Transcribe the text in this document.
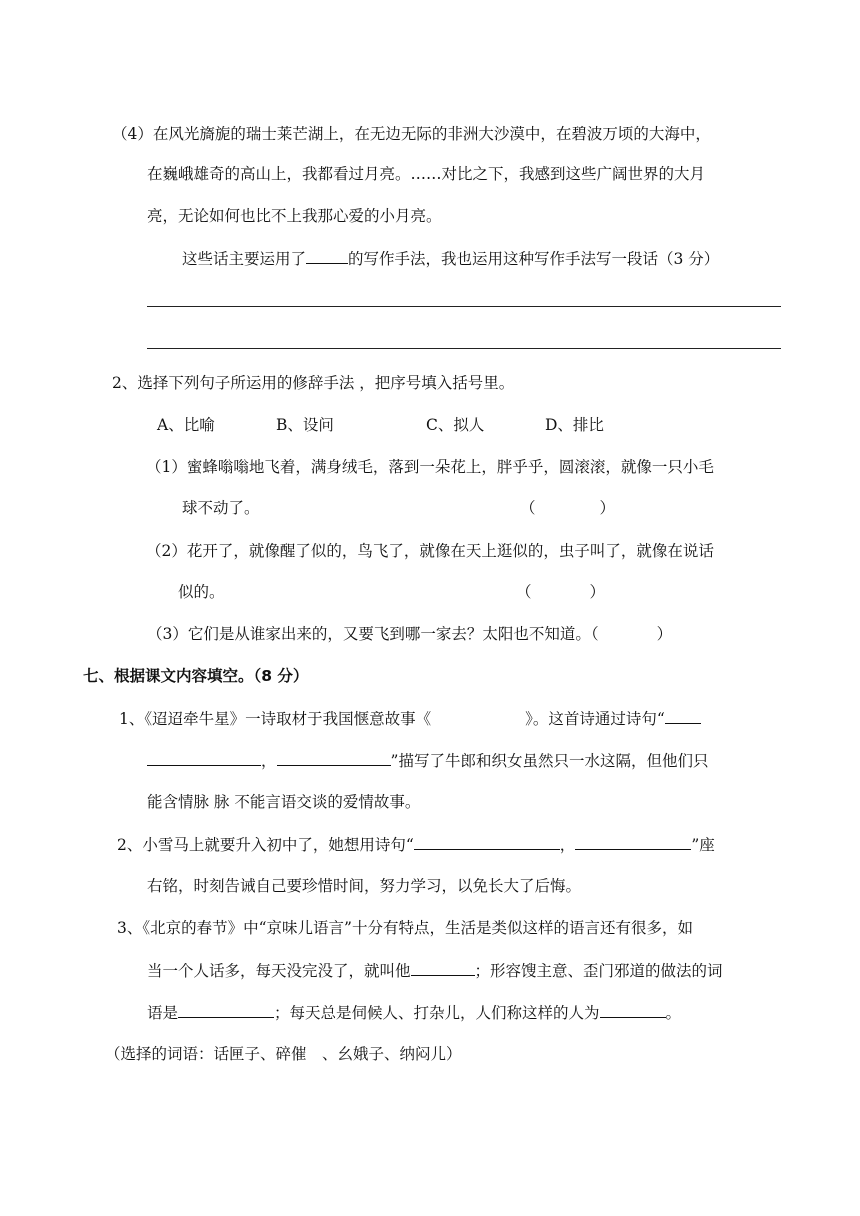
（4）在风光旖旎的瑞士莱芒湖上，在无边无际的非洲大沙漠中，在碧波万顷的大海中，
在巍峨雄奇的高山上，我都看过月亮。……对比之下，我感到这些广阔世界的大月
亮，无论如何也比不上我那心爱的小月亮。
这些话主要运用了	的写作手法，我也运用这种写作手法写一段话（3 分）
2、选择下列句子所运用的修辞手法 ，把序号填入括号里。
A、比喻	B、设问	C、拟人	D、排比
（1）蜜蜂嗡嗡地飞着，满身绒毛，落到一朵花上，胖乎乎，圆滚滚，就像一只小毛
球不动了。	（	）
（2）花开了，就像醒了似的，鸟飞了，就像在天上逛似的，虫子叫了，就像在说话
似的。	（	）
（3）它们是从谁家出来的，又要飞到哪一家去？太阳也不知道。（	）
七、根据课文内容填空。（8 分）
1、《迢迢牵牛星》一诗取材于我国惬意故事《	》。这首诗通过诗句“
，	”描写了牛郎和织女虽然只一水这隔，但他们只
能含情脉 脉 不能言语交谈的爱情故事。
2、小雪马上就要升入初中了，她想用诗句“	，	”座
右铭，时刻告诫自己要珍惜时间，努力学习，以免长大了后悔。
3、《北京的春节》中“京味儿语言”十分有特点，生活是类似这样的语言还有很多，如
当一个人话多，每天没完没了，就叫他	；形容馊主意、歪门邪道的做法的词
语是	；每天总是伺候人、打杂儿，人们称这样的人为	。
（选择的词语：话匣子、碎催　、幺娥子、纳闷儿）
